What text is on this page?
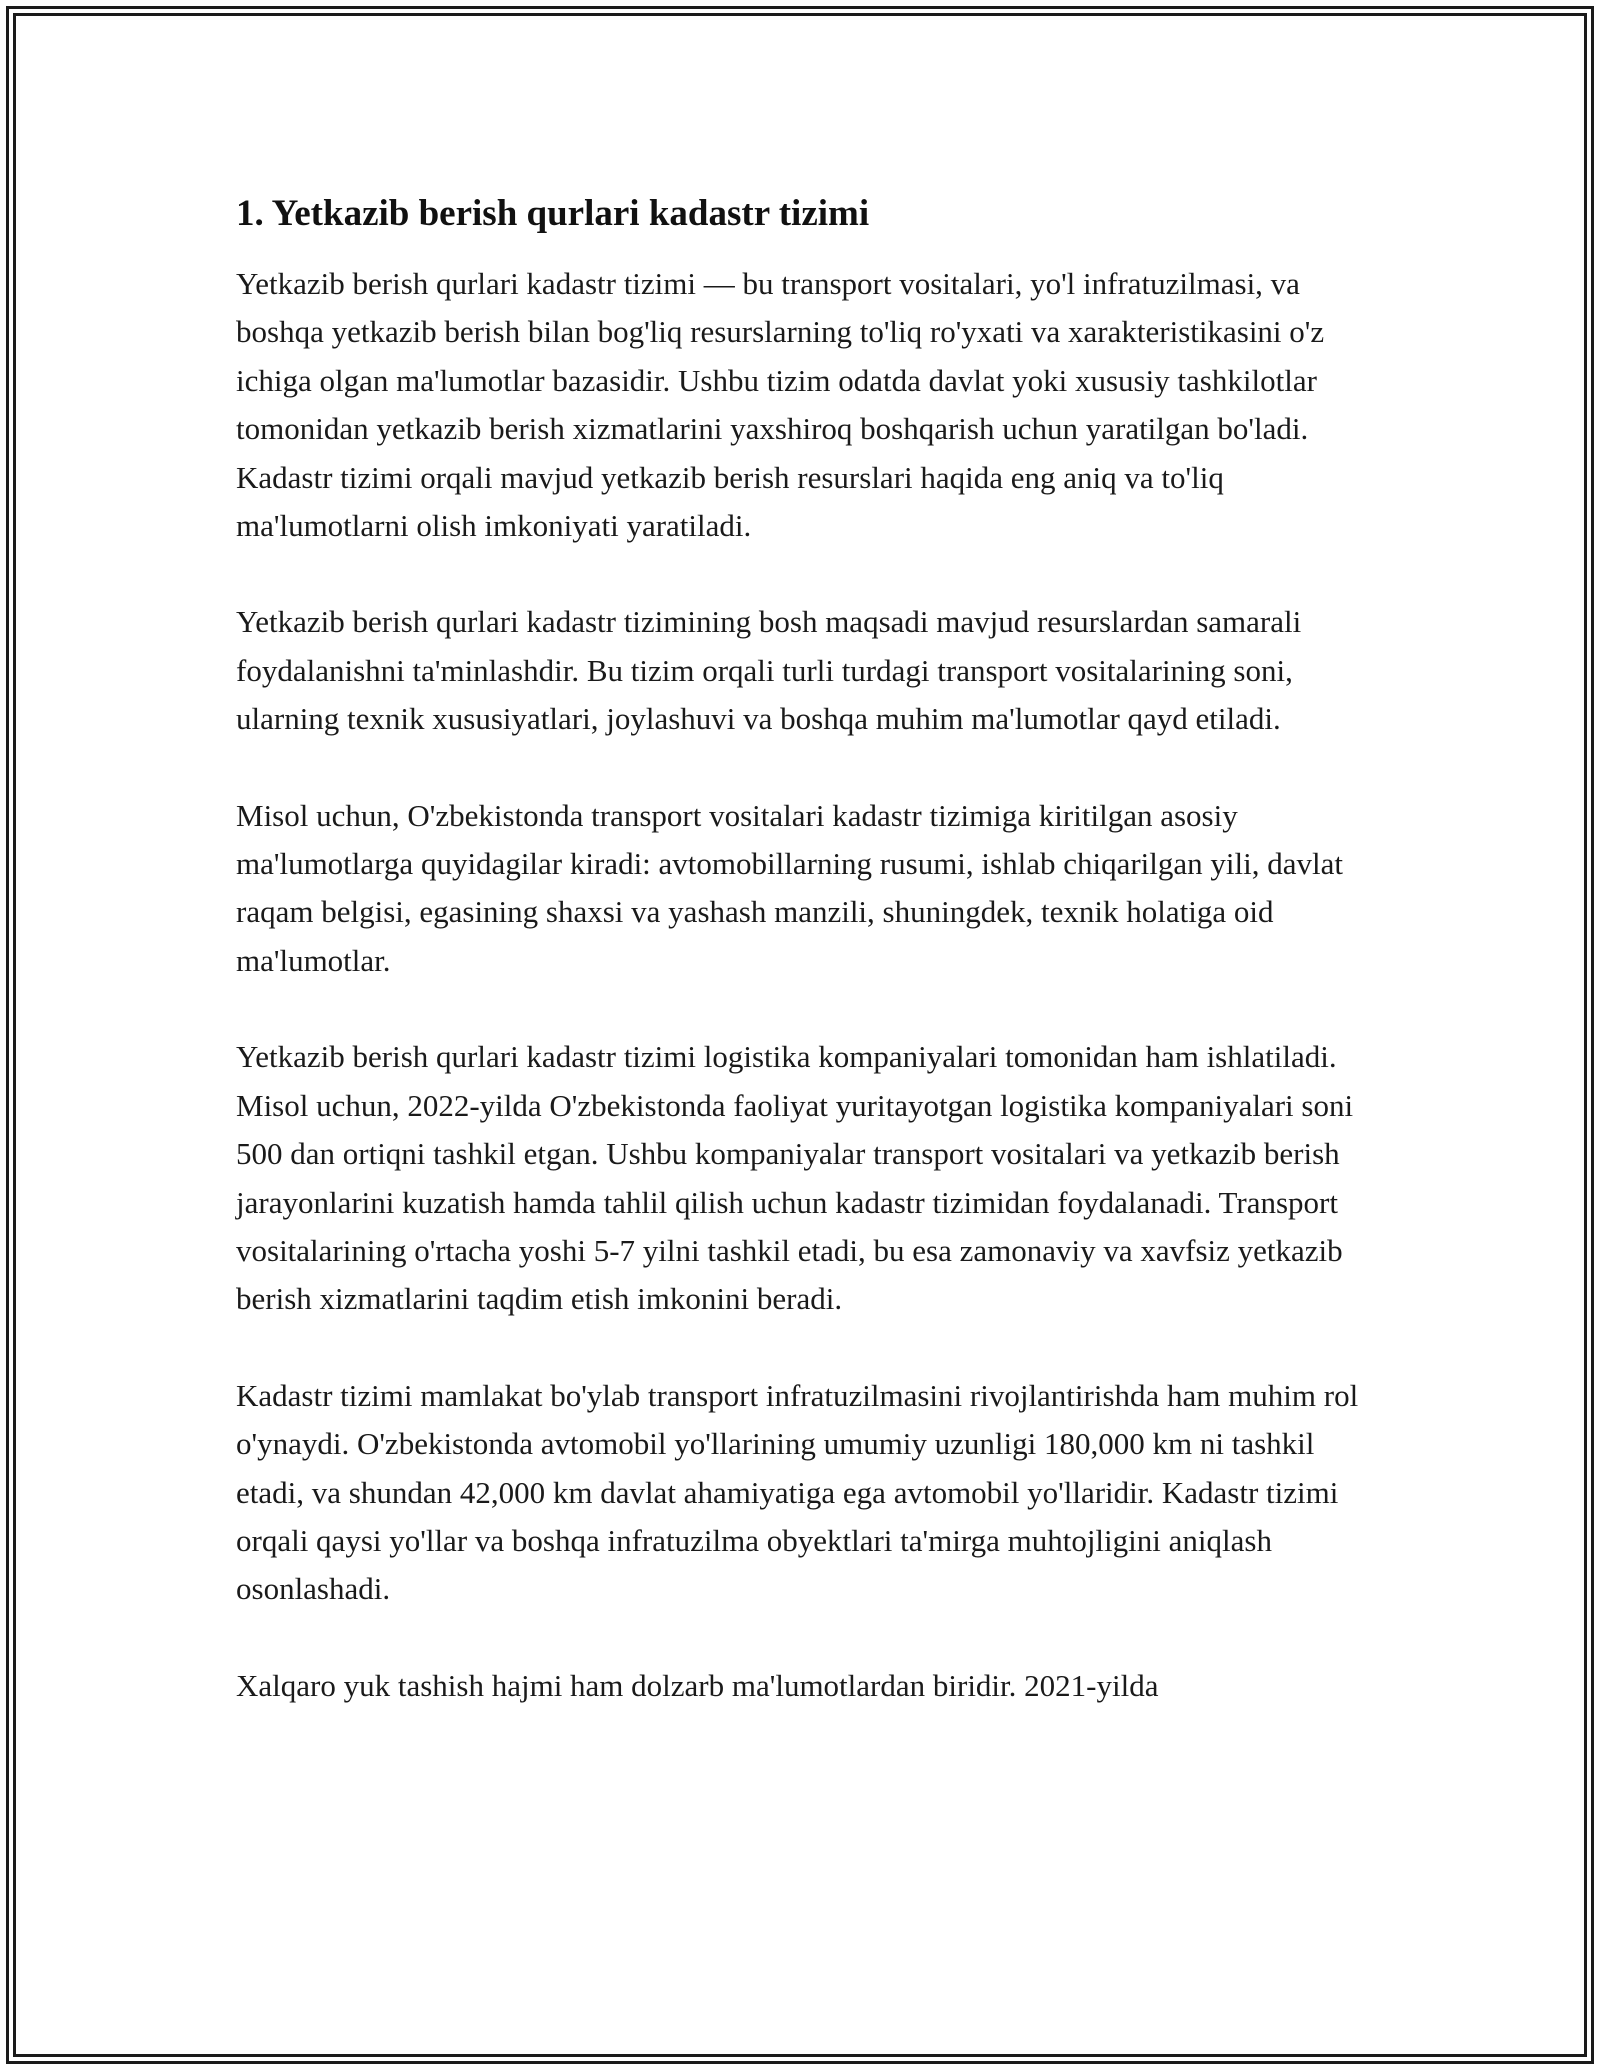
1. Yetkazib berish qurlari kadastr tizimi

Yetkazib berish qurlari kadastr tizimi — bu transport vositalari, yo'l infratuzilmasi, va boshqa yetkazib berish bilan bog'liq resurslarning to'liq ro'yxati va xarakteristikasini o'z ichiga olgan ma'lumotlar bazasidir. Ushbu tizim odatda davlat yoki xususiy tashkilotlar tomonidan yetkazib berish xizmatlarini yaxshiroq boshqarish uchun yaratilgan bo'ladi. Kadastr tizimi orqali mavjud yetkazib berish resurslari haqida eng aniq va to'liq ma'lumotlarni olish imkoniyati yaratiladi.

Yetkazib berish qurlari kadastr tizimining bosh maqsadi mavjud resurslardan samarali foydalanishni ta'minlashdir. Bu tizim orqali turli turdagi transport vositalarining soni, ularning texnik xususiyatlari, joylashuvi va boshqa muhim ma'lumotlar qayd etiladi.

Misol uchun, O'zbekistonda transport vositalari kadastr tizimiga kiritilgan asosiy ma'lumotlarga quyidagilar kiradi: avtomobillarning rusumi, ishlab chiqarilgan yili, davlat raqam belgisi, egasining shaxsi va yashash manzili, shuningdek, texnik holatiga oid ma'lumotlar.

Yetkazib berish qurlari kadastr tizimi logistika kompaniyalari tomonidan ham ishlatiladi. Misol uchun, 2022-yilda O'zbekistonda faoliyat yuritayotgan logistika kompaniyalari soni 500 dan ortiqni tashkil etgan. Ushbu kompaniyalar transport vositalari va yetkazib berish jarayonlarini kuzatish hamda tahlil qilish uchun kadastr tizimidan foydalanadi. Transport vositalarining o'rtacha yoshi 5-7 yilni tashkil etadi, bu esa zamonaviy va xavfsiz yetkazib berish xizmatlarini taqdim etish imkonini beradi.

Kadastr tizimi mamlakat bo'ylab transport infratuzilmasini rivojlantirishda ham muhim rol o'ynaydi. O'zbekistonda avtomobil yo'llarining umumiy uzunligi 180,000 km ni tashkil etadi, va shundan 42,000 km davlat ahamiyatiga ega avtomobil yo'llaridir. Kadastr tizimi orqali qaysi yo'llar va boshqa infratuzilma obyektlari ta'mirga muhtojligini aniqlash osonlashadi.

Xalqaro yuk tashish hajmi ham dolzarb ma'lumotlardan biridir. 2021-yilda
